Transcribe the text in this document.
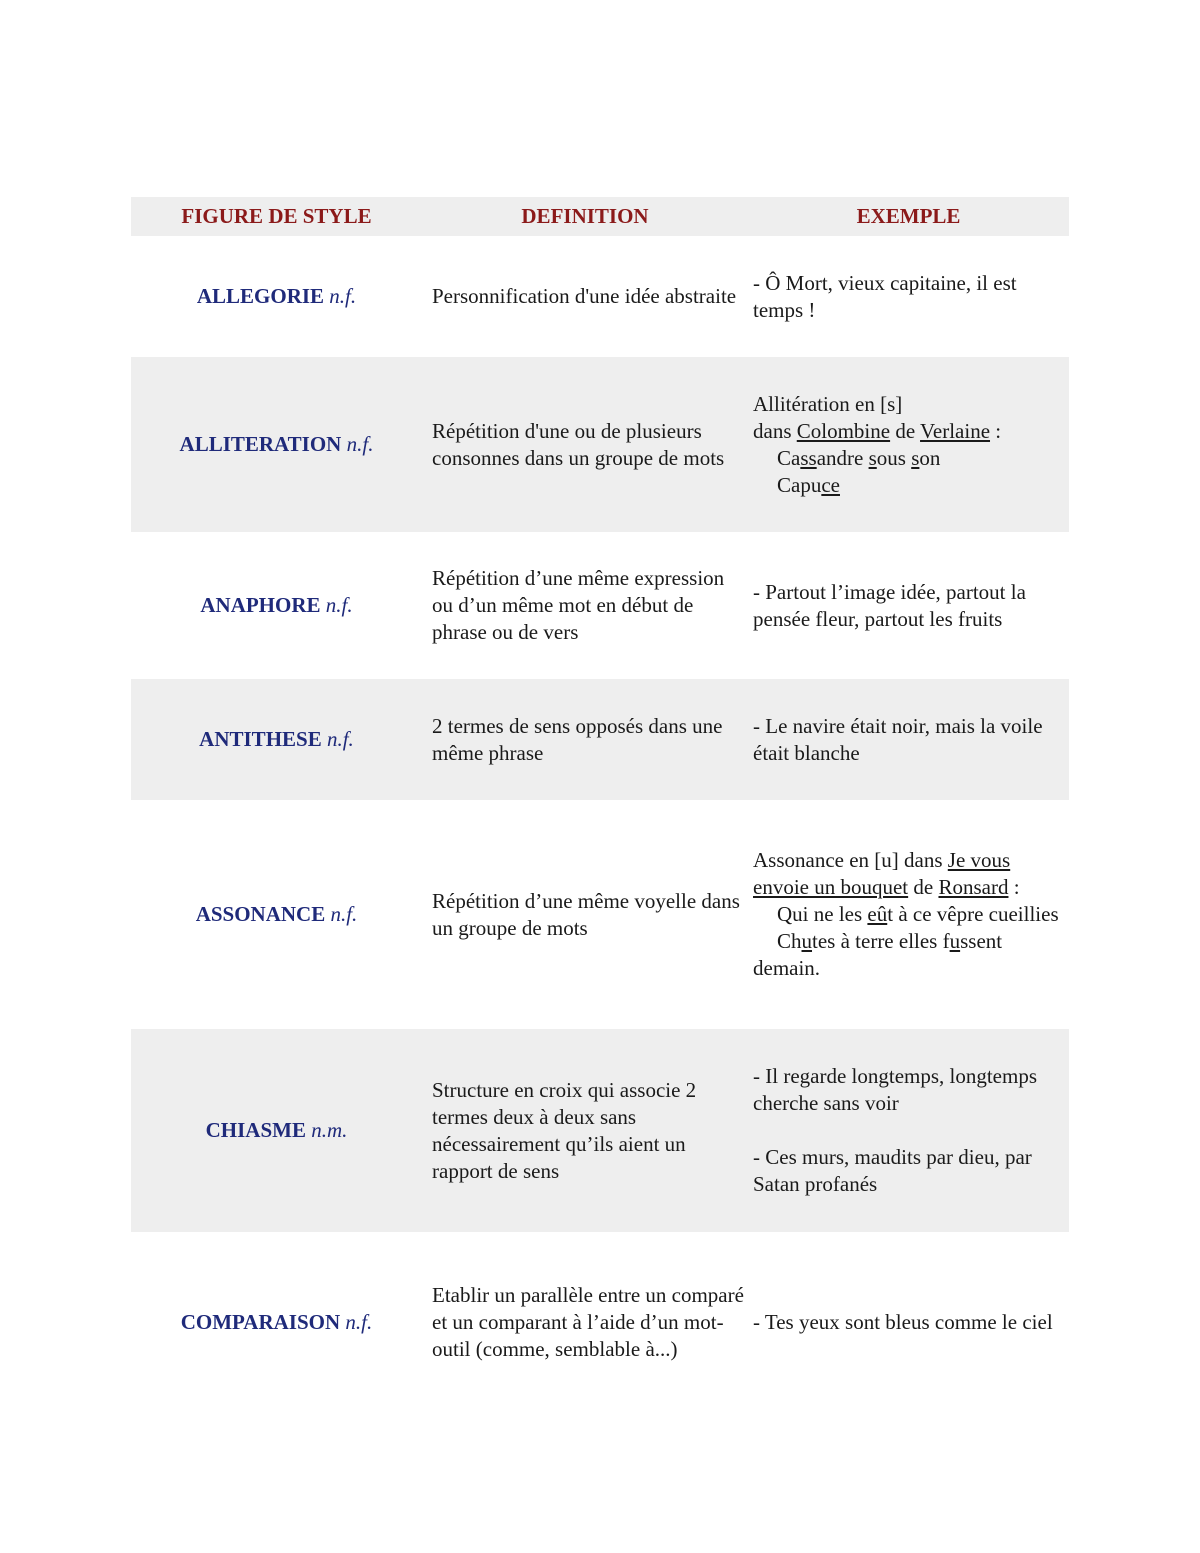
FIGURE DE STYLE	DEFINITION	EXEMPLE
ALLEGORIE n.f.	Personnification d'une idée abstraite	- Ô Mort, vieux capitaine, il est temps !
ALLITERATION n.f.	Répétition d'une ou de plusieurs consonnes dans un groupe de mots	Allitération en [s]
dans Colombine de Verlaine :
Cassandre sous son
Capuce
ANAPHORE n.f.	Répétition d’une même expression ou d’un même mot en début de phrase ou de vers	- Partout l’image idée, partout la pensée fleur, partout les fruits
ANTITHESE n.f.	2 termes de sens opposés dans une même phrase	- Le navire était noir, mais la voile était blanche
ASSONANCE n.f.	Répétition d’une même voyelle dans un groupe de mots	Assonance en [u] dans Je vous envoie un bouquet de Ronsard :
Qui ne les eût à ce vêpre cueillies
Chutes à terre elles fussent demain.
CHIASME n.m.	Structure en croix qui associe 2 termes deux à deux sans nécessairement qu’ils aient un rapport de sens	- Il regarde longtemps, longtemps cherche sans voir
- Ces murs, maudits par dieu, par Satan profanés
COMPARAISON n.f.	Etablir un parallèle entre un comparé et un comparant à l’aide d’un mot-outil (comme, semblable à...)	- Tes yeux sont bleus comme le ciel
